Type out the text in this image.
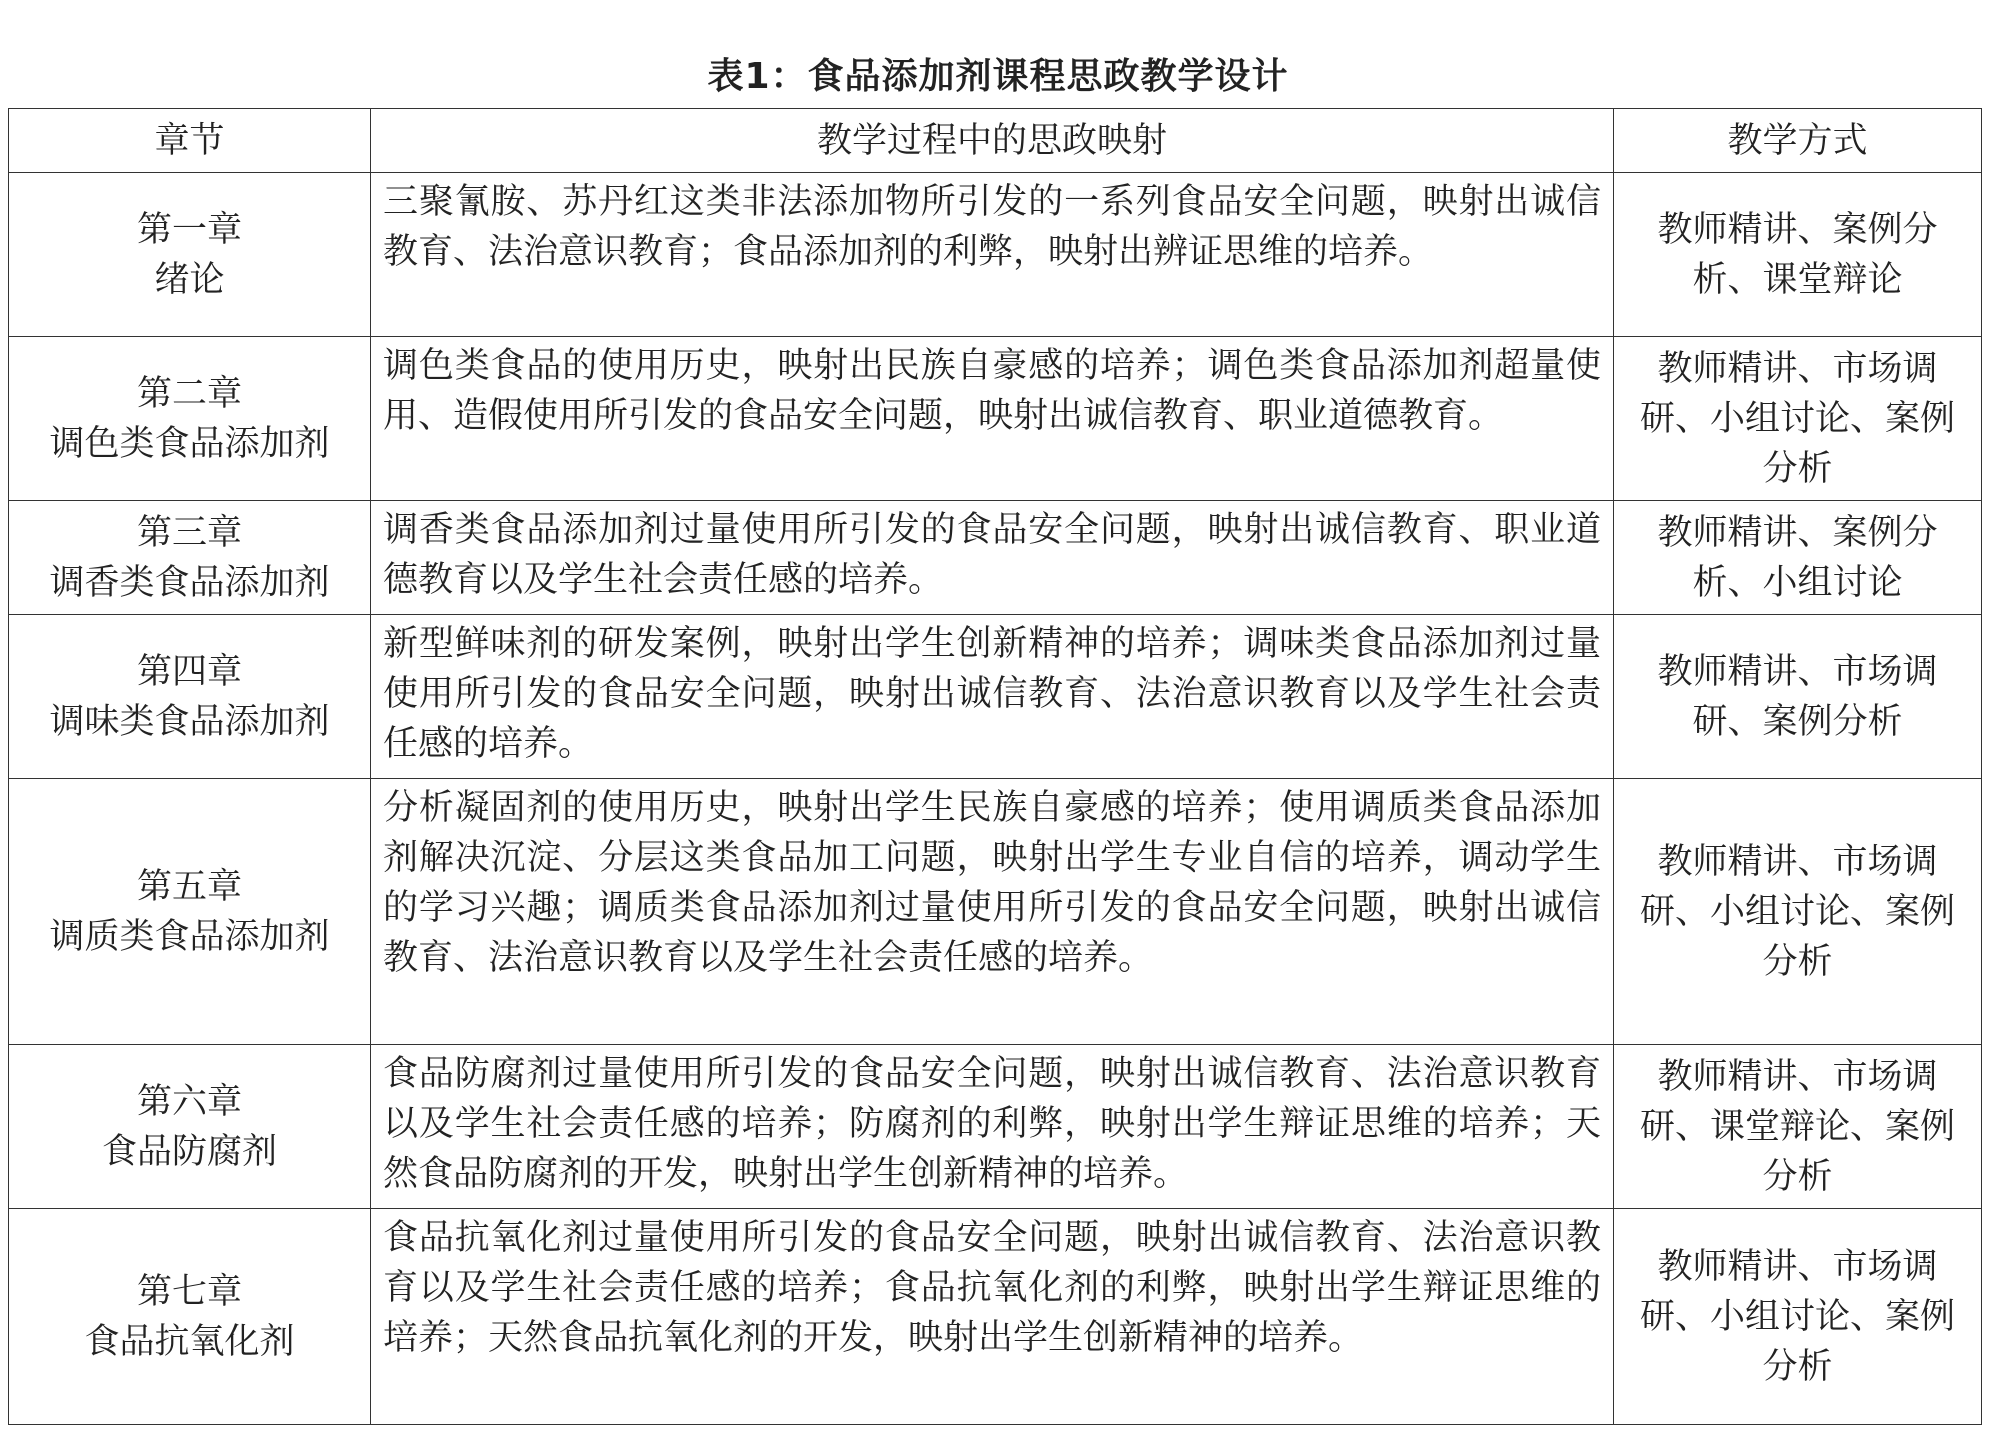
表1：食品添加剂课程思政教学设计
章节	教学过程中的思政映射	教学方式

第一章
绪论	三聚氰胺、苏丹红这类非法添加物所引发的一系列食品安全问题，映射出诚信教育、法治意识教育；食品添加剂的利弊，映射出辨证思维的培养。	教师精讲、案例分析、课堂辩论

第二章
调色类食品添加剂	调色类食品的使用历史，映射出民族自豪感的培养；调色类食品添加剂超量使用、造假使用所引发的食品安全问题，映射出诚信教育、职业道德教育。	教师精讲、市场调研、小组讨论、案例分析

第三章
调香类食品添加剂	调香类食品添加剂过量使用所引发的食品安全问题，映射出诚信教育、职业道德教育以及学生社会责任感的培养。	教师精讲、案例分析、小组讨论

第四章
调味类食品添加剂	新型鲜味剂的研发案例，映射出学生创新精神的培养；调味类食品添加剂过量使用所引发的食品安全问题，映射出诚信教育、法治意识教育以及学生社会责任感的培养。	教师精讲、市场调研、案例分析

第五章
调质类食品添加剂	分析凝固剂的使用历史，映射出学生民族自豪感的培养；使用调质类食品添加剂解决沉淀、分层这类食品加工问题，映射出学生专业自信的培养，调动学生的学习兴趣；调质类食品添加剂过量使用所引发的食品安全问题，映射出诚信教育、法治意识教育以及学生社会责任感的培养。	教师精讲、市场调研、小组讨论、案例分析

第六章
食品防腐剂	食品防腐剂过量使用所引发的食品安全问题，映射出诚信教育、法治意识教育以及学生社会责任感的培养；防腐剂的利弊，映射出学生辩证思维的培养；天然食品防腐剂的开发，映射出学生创新精神的培养。	教师精讲、市场调研、课堂辩论、案例分析

第七章
食品抗氧化剂	食品抗氧化剂过量使用所引发的食品安全问题，映射出诚信教育、法治意识教育以及学生社会责任感的培养；食品抗氧化剂的利弊，映射出学生辩证思维的培养；天然食品抗氧化剂的开发，映射出学生创新精神的培养。	教师精讲、市场调研、小组讨论、案例分析
